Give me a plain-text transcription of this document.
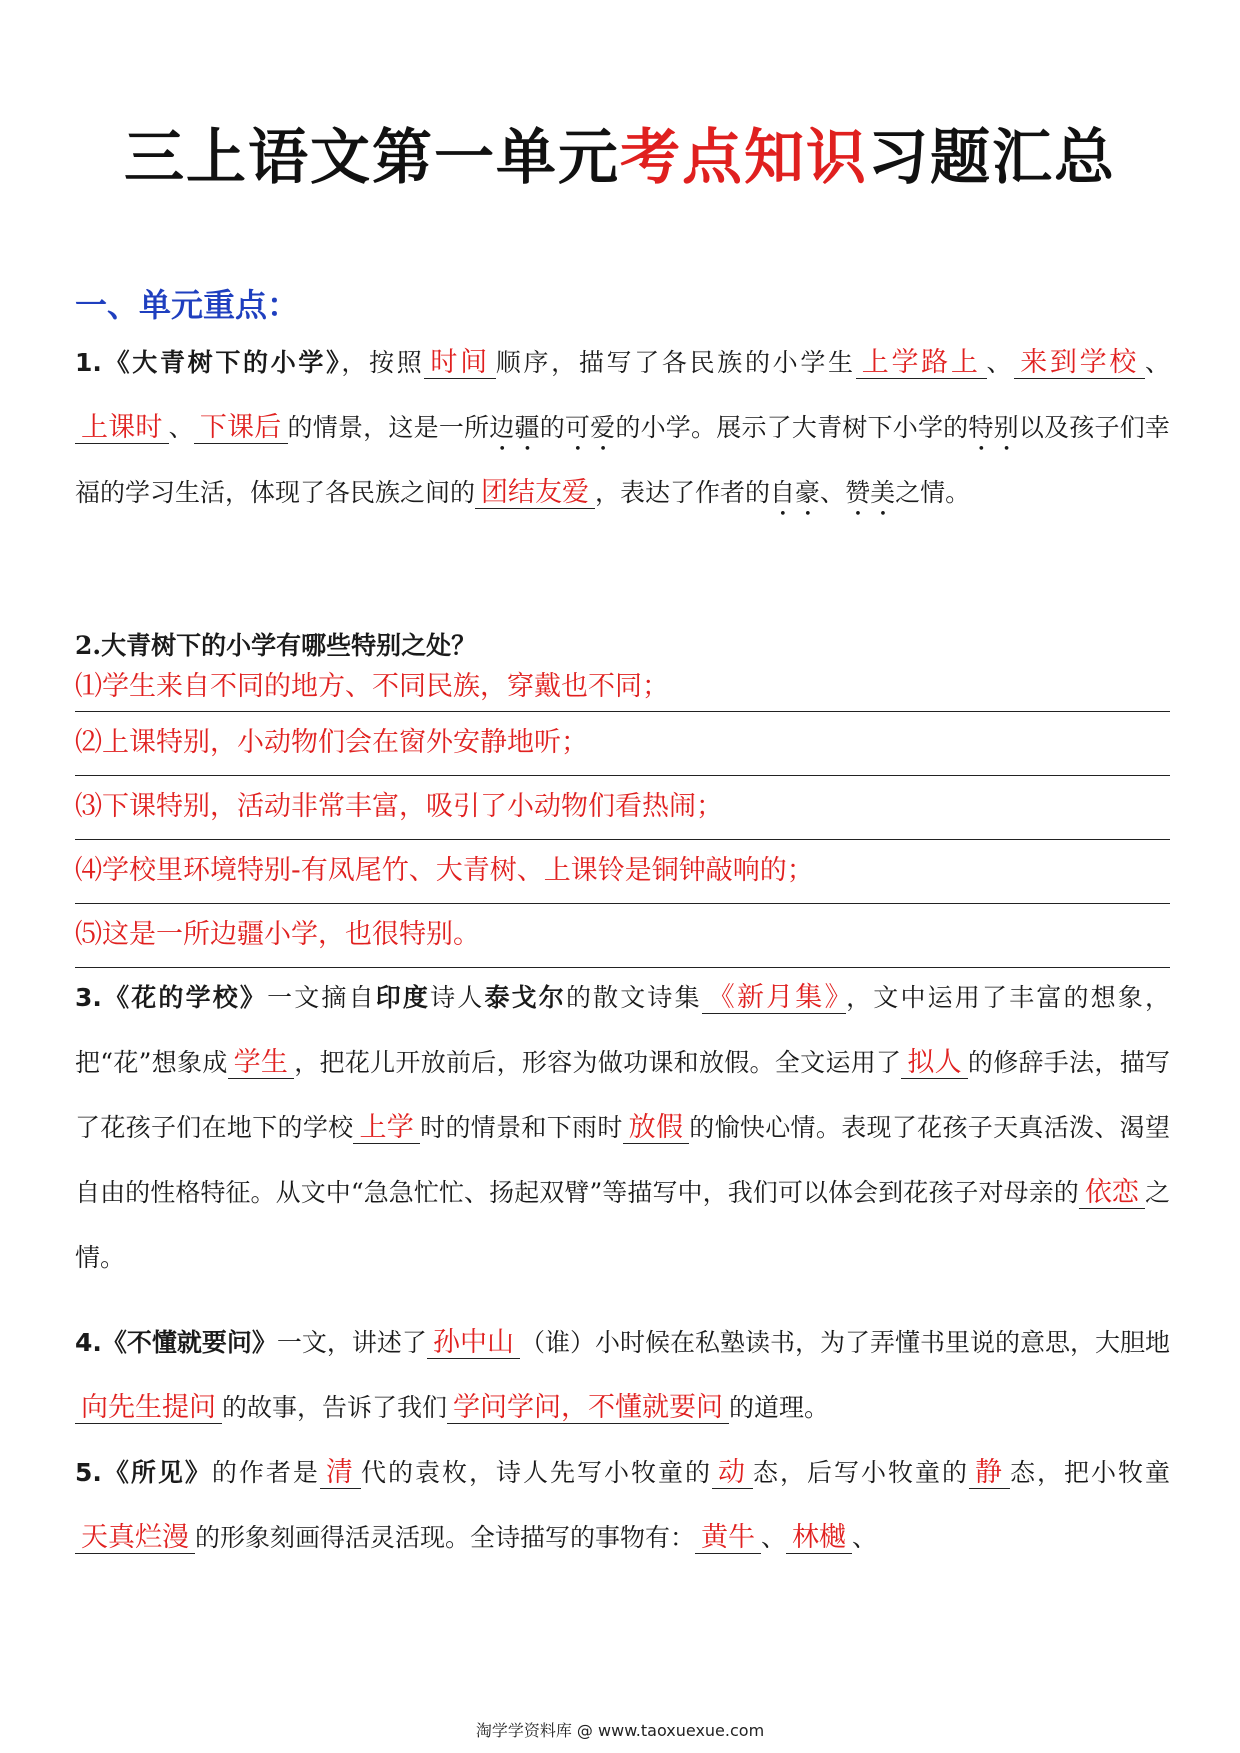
三上语文第一单元考点知识习题汇总
一、单元重点：

1.《大青树下的小学》，按照 时间 顺序，描写了各民族的小学生 上学路上 、 来到学校 、上课时 、 下课后 的情景，这是一所边疆的可爱的小学。展示了大青树下小学的特别以及孩子们幸福的学习生活，体现了各民族之间的 团结友爱 ，表达了作者的自豪、赞美之情。

2.大青树下的小学有哪些特别之处？

⑴学生来自不同的地方、不同民族，穿戴也不同；
⑵上课特别，小动物们会在窗外安静地听；
⑶下课特别，活动非常丰富，吸引了小动物们看热闹；
⑷学校里环境特别-有凤尾竹、大青树、上课铃是铜钟敲响的；
⑸这是一所边疆小学，也很特别。

3.《花的学校》一文摘自印度诗人泰戈尔的散文诗集 《新月集》 ，文中运用了丰富的想象，把“花”想象成 学生 ，把花儿开放前后，形容为做功课和放假。全文运用了 拟人 的修辞手法，描写了花孩子们在地下的学校 上学 时的情景和下雨时 放假 的愉快心情。表现了花孩子天真活泼、渴望自由的性格特征。从文中“急急忙忙、扬起双臂”等描写中，我们可以体会到花孩子对母亲的 依恋 之情。

4.《不懂就要问》一文，讲述了 孙中山 （谁）小时候在私塾读书，为了弄懂书里说的意思，大胆地向先生提问 的故事，告诉了我们 学问学问，不懂就要问 的道理。

5.《所见》的作者是 清 代的袁枚，诗人先写小牧童的 动 态，后写小牧童的 静 态，把小牧童天真烂漫 的形象刻画得活灵活现。全诗描写的事物有： 黄牛 、 林樾 、

淘学学资料库 @ www.taoxuexue.com
